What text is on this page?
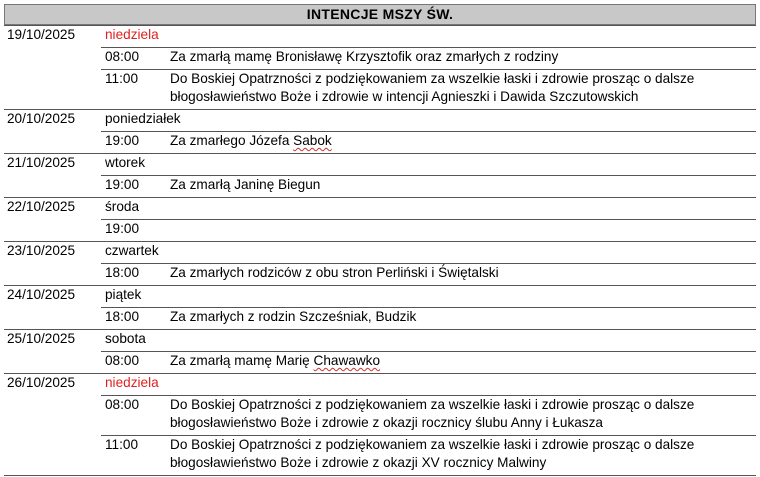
INTENCJE MSZY ŚW.
19/10/2025 niedziela
08:00 Za zmarłą mamę Bronisławę Krzysztofik oraz zmarłych z rodziny
11:00 Do Boskiej Opatrzności z podziękowaniem za wszelkie łaski i zdrowie prosząc o dalsze
błogosławieństwo Boże i zdrowie w intencji Agnieszki i Dawida Szczutowskich
20/10/2025 poniedziałek
19:00 Za zmarłego Józefa Sabok
21/10/2025 wtorek
19:00 Za zmarłą Janinę Biegun
22/10/2025 środa
19:00
23/10/2025 czwartek
18:00 Za zmarłych rodziców z obu stron Perliński i Świętalski
24/10/2025 piątek
18:00 Za zmarłych z rodzin Szcześniak, Budzik
25/10/2025 sobota
08:00 Za zmarłą mamę Marię Chawawko
26/10/2025 niedziela
08:00 Do Boskiej Opatrzności z podziękowaniem za wszelkie łaski i zdrowie prosząc o dalsze
błogosławieństwo Boże i zdrowie z okazji rocznicy ślubu Anny i Łukasza
11:00 Do Boskiej Opatrzności z podziękowaniem za wszelkie łaski i zdrowie prosząc o dalsze
błogosławieństwo Boże i zdrowie z okazji XV rocznicy Malwiny
